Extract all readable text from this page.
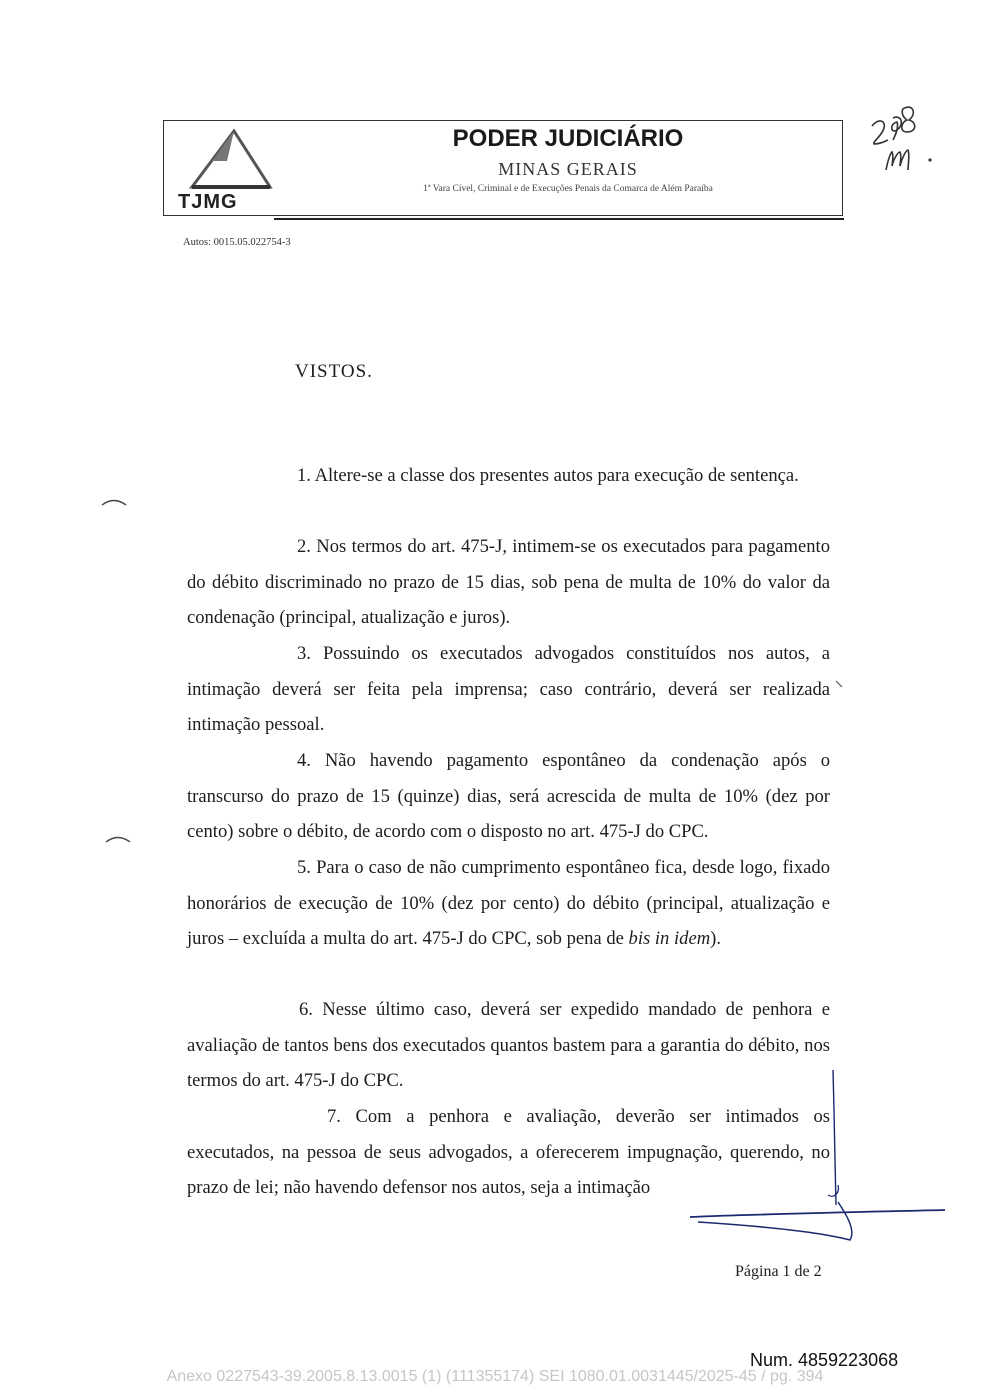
TJMG
PODER JUDICIÁRIO
MINAS GERAIS
1ª Vara Cível, Criminal e de Execuções Penais da Comarca de Além Paraíba
Autos: 0015.05.022754-3
VISTOS.

1. Altere-se a classe dos presentes autos para execução de sentença.

2. Nos termos do art. 475-J, intimem-se os executados para pagamento do débito discriminado no prazo de 15 dias, sob pena de multa de 10% do valor da condenação (principal, atualização e juros).

3. Possuindo os executados advogados constituídos nos autos, a intimação deverá ser feita pela imprensa; caso contrário, deverá ser realizada intimação pessoal.

4. Não havendo pagamento espontâneo da condenação após o transcurso do prazo de 15 (quinze) dias, será acrescida de multa de 10% (dez por cento) sobre o débito, de acordo com o disposto no art. 475-J do CPC.

5. Para o caso de não cumprimento espontâneo fica, desde logo, fixado honorários de execução de 10% (dez por cento) do débito (principal, atualização e juros – excluída a multa do art. 475-J do CPC, sob pena de bis in idem).

6. Nesse último caso, deverá ser expedido mandado de penhora e avaliação de tantos bens dos executados quantos bastem para a garantia do débito, nos termos do art. 475-J do CPC.

7. Com a penhora e avaliação, deverão ser intimados os executados, na pessoa de seus advogados, a oferecerem impugnação, querendo, no prazo de lei; não havendo defensor nos autos, seja a intimação

Página 1 de 2
Num. 4859223068
Anexo 0227543-39.2005.8.13.0015 (1) (111355174) SEI 1080.01.0031445/2025-45 / pg. 394
